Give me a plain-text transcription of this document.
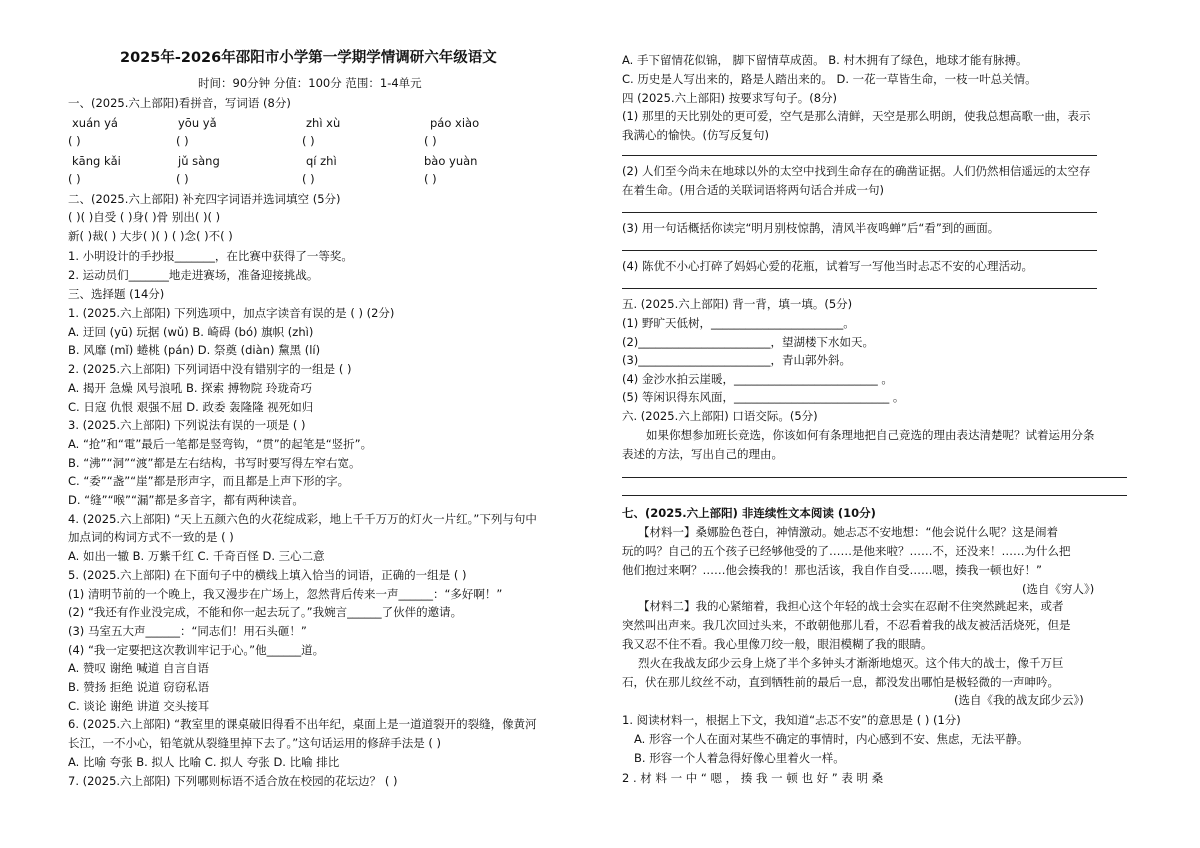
2025年-2026年邵阳市小学第一学期学情调研六年级语文
时间：90分钟 分值：100分 范围：1-4单元
一、(2025.六上部阳)看拼音，写词语 (8分)
xuán yá	yōu yǎ	zhì xù	páo xiào
( )	( )	( )	( )
kāng kǎi	jǔ sàng	qí zhì	bào yuàn
( )	( )	( )	( )
二、(2025.六上部阳) 补充四字词语并选词填空 (5分)
( )( )自受 ( )身( )骨 别出( )( )
新( )裁( ) 大步( )( ) ( )念( )不( )
1. 小明设计的手抄报_______，在比赛中获得了一等奖。
2. 运动员们_______地走进赛场，准备迎接挑战。
三、选择题 (14分)
1. (2025.六上部阳) 下列选项中，加点字读音有误的是 ( ) (2分)
A. 迂回 (yū) 玩据 (wǔ) B. 崎碍 (bó) 旗帜 (zhì)
B. 风靡 (mǐ) 蜷桃 (pán) D. 祭奠 (diàn) 黧黑 (lí)
2. (2025.六上部阳) 下列词语中没有错别字的一组是 ( )
A. 揭开 急燥 风号浪吼 B. 探索 搏物院 玲珑奇巧
C. 日寇 仇恨 艰强不屈 D. 政委 轰隆隆 视死如归
3. (2025.六上部阳) 下列说法有误的一项是 ( )
A. “抢”和“電”最后一笔都是竖弯钩，“贯”的起笔是“竖折”。
B. “沸”“洞”“渡”都是左右结构，书写时要写得左窄右宽。
C. “委”“盏”“崖”都是形声字，而且都是上声下形的字。
D. “缝”“喉”“漏”都是多音字，都有两种读音。
4. (2025.六上部阳) “天上五颜六色的火花绽成彩，地上千千万万的灯火一片红。”下列与句中
加点词的构词方式不一致的是 ( )
A. 如出一辙 B. 万紫千红 C. 千奇百怪 D. 三心二意
5. (2025.六上部阳) 在下面句子中的横线上填入恰当的词语，正确的一组是 ( )
(1) 清明节前的一个晚上，我又漫步在广场上，忽然背后传来一声______：“多好啊！”
(2) “我还有作业没完成，不能和你一起去玩了。”我婉言______了伙伴的邀请。
(3) 马室五大声______：“同志们！用石头砸！”
(4) “我一定要把这次教训牢记于心。”他______道。
A. 赞叹 谢绝 喊道 自言自语
B. 赞扬 拒绝 说道 窃窃私语
C. 谈论 谢绝 讲道 交头接耳
6. (2025.六上部阳) “教室里的课桌破旧得看不出年纪，桌面上是一道道裂开的裂缝，像黄河
长江，一不小心，铅笔就从裂缝里掉下去了。”这句话运用的修辞手法是 ( )
A. 比喻 夸张 B. 拟人 比喻 C. 拟人 夸张 D. 比喻 排比
7. (2025.六上部阳) 下列哪则标语不适合放在校园的花坛边？ ( )
A. 手下留情花似锦， 脚下留情草成茵。 B. 村木拥有了绿色，地球才能有脉搏。
C. 历史是人写出来的，路是人踏出来的。 D. 一花一草皆生命，一枝一叶总关情。
四 (2025.六上部阳) 按要求写句子。(8分)
(1) 那里的天比别处的更可爱，空气是那么清鲜，天空是那么明朗，使我总想高歌一曲，表示
我满心的愉快。(仿写反复句)
(2) 人们至今尚未在地球以外的太空中找到生命存在的确凿证据。人们仍然相信遥远的太空存
在着生命。(用合适的关联词语将两句话合并成一句)
(3) 用一句话概括你读完“明月别枝惊鹊，清风半夜鸣蝉”后“看”到的画面。
(4) 陈优不小心打碎了妈妈心爱的花瓶，试着写一写他当时忐忑不安的心理活动。
五. (2025.六上部阳) 背一背，填一填。(5分)
(1) 野旷天低树，_______________________。
(2)_______________________，望湖楼下水如天。
(3)_______________________，青山郭外斜。
(4) 金沙水拍云崖暖，_________________________ 。
(5) 等闲识得东风面，___________________________ 。
六. (2025.六上部阳) 口语交际。(5分)
如果你想参加班长竞选，你该如何有条理地把自己竞选的理由表达清楚呢？试着运用分条
表述的方法，写出自己的理由。
七、(2025.六上部阳) 非连续性文本阅读 (10分)
【材料一】桑娜脸色苍白，神情激动。她忐忑不安地想：“他会说什么呢？这是闹着
玩的吗？自己的五个孩子已经够他受的了……是他来啦？……不，还没来！……为什么把
他们抱过来啊？……他会揍我的！那也活该，我自作自受……嗯，揍我一顿也好！”
(选自《穷人》)
【材料二】我的心紧缩着，我担心这个年轻的战士会实在忍耐不住突然跳起来，或者
突然叫出声来。我几次回过头来，不敢朝他那儿看，不忍看着我的战友被活活烧死，但是
我又忍不住不看。我心里像刀绞一般，眼泪模糊了我的眼睛。
烈火在我战友邱少云身上烧了半个多钟头才渐渐地熄灭。这个伟大的战士，像千万巨
石，伏在那儿纹丝不动，直到牺牲前的最后一息，都没发出哪怕是极轻微的一声呻吟。
(选自《我的战友邱少云》)
1. 阅读材料一，根据上下文，我知道“忐忑不安”的意思是 ( ) (1分)
A. 形容一个人在面对某些不确定的事情时，内心感到不安、焦虑，无法平静。
B. 形容一个人着急得好像心里着火一样。
2 . 材 料 一 中 “ 嗯 ， 揍 我 一 顿 也 好 ” 表 明 桑
